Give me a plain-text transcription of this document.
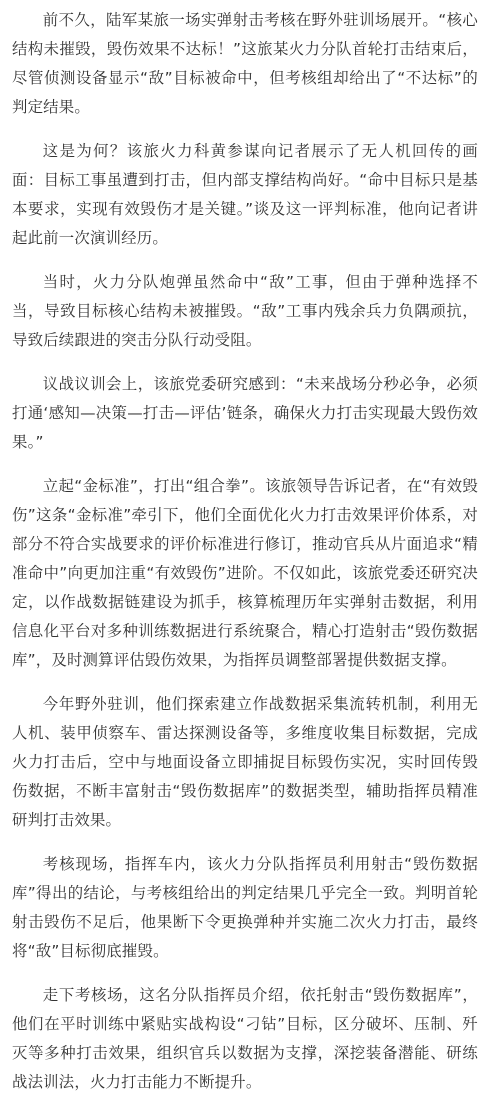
前不久，陆军某旅一场实弹射击考核在野外驻训场展开。“核心结构未摧毁，毁伤效果不达标！”这旅某火力分队首轮打击结束后，尽管侦测设备显示“敌”目标被命中，但考核组却给出了“不达标”的判定结果。

这是为何？该旅火力科黄参谋向记者展示了无人机回传的画面：目标工事虽遭到打击，但内部支撑结构尚好。“命中目标只是基本要求，实现有效毁伤才是关键。”谈及这一评判标准，他向记者讲起此前一次演训经历。

当时，火力分队炮弹虽然命中“敌”工事，但由于弹种选择不当，导致目标核心结构未被摧毁。“敌”工事内残余兵力负隅顽抗，导致后续跟进的突击分队行动受阻。

议战议训会上，该旅党委研究感到：“未来战场分秒必争，必须打通‘感知—决策—打击—评估’链条，确保火力打击实现最大毁伤效果。”

立起“金标准”，打出“组合拳”。该旅领导告诉记者，在“有效毁伤”这条“金标准”牵引下，他们全面优化火力打击效果评价体系，对部分不符合实战要求的评价标准进行修订，推动官兵从片面追求“精准命中”向更加注重“有效毁伤”进阶。不仅如此，该旅党委还研究决定，以作战数据链建设为抓手，核算梳理历年实弹射击数据，利用信息化平台对多种训练数据进行系统聚合，精心打造射击“毁伤数据库”，及时测算评估毁伤效果，为指挥员调整部署提供数据支撑。

今年野外驻训，他们探索建立作战数据采集流转机制，利用无人机、装甲侦察车、雷达探测设备等，多维度收集目标数据，完成火力打击后，空中与地面设备立即捕捉目标毁伤实况，实时回传毁伤数据，不断丰富射击“毁伤数据库”的数据类型，辅助指挥员精准研判打击效果。

考核现场，指挥车内，该火力分队指挥员利用射击“毁伤数据库”得出的结论，与考核组给出的判定结果几乎完全一致。判明首轮射击毁伤不足后，他果断下令更换弹种并实施二次火力打击，最终将“敌”目标彻底摧毁。

走下考核场，这名分队指挥员介绍，依托射击“毁伤数据库”，他们在平时训练中紧贴实战构设“刁钻”目标，区分破坏、压制、歼灭等多种打击效果，组织官兵以数据为支撑，深挖装备潜能、研练战法训法，火力打击能力不断提升。
